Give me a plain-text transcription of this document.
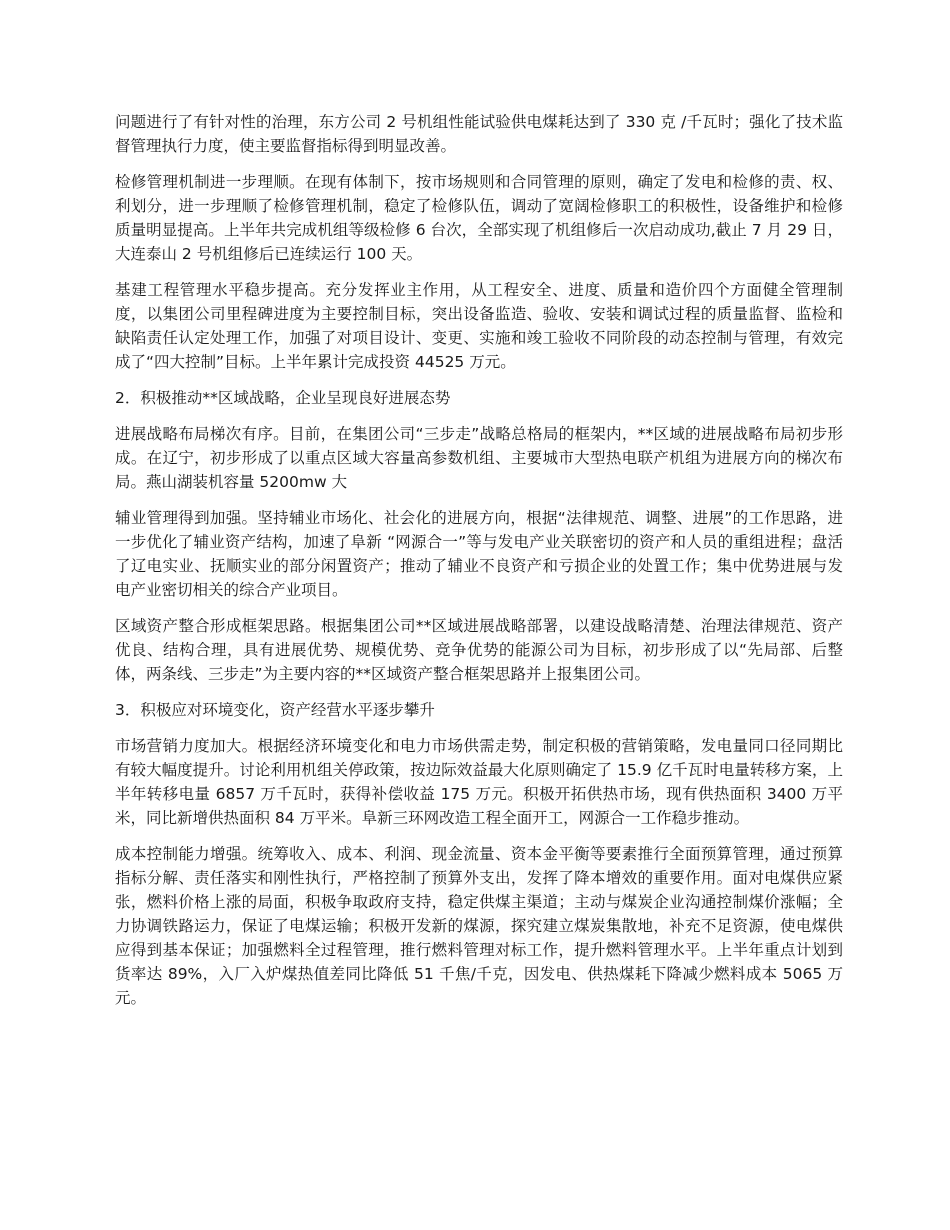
问题进行了有针对性的治理，东方公司 2 号机组性能试验供电煤耗达到了 330 克 /千瓦时；强化了技术监督管理执行力度，使主要监督指标得到明显改善。

检修管理机制进一步理顺。在现有体制下，按市场规则和合同管理的原则，确定了发电和检修的责、权、利划分，进一步理顺了检修管理机制，稳定了检修队伍，调动了宽阔检修职工的积极性，设备维护和检修质量明显提高。上半年共完成机组等级检修 6 台次，全部实现了机组修后一次启动成功,截止 7 月 29 日，大连泰山 2 号机组修后已连续运行 100 天。

基建工程管理水平稳步提高。充分发挥业主作用，从工程安全、进度、质量和造价四个方面健全管理制度，以集团公司里程碑进度为主要控制目标，突出设备监造、验收、安装和调试过程的质量监督、监检和缺陷责任认定处理工作，加强了对项目设计、变更、实施和竣工验收不同阶段的动态控制与管理，有效完成了“四大控制”目标。上半年累计完成投资 44525 万元。

2．积极推动**区域战略，企业呈现良好进展态势

进展战略布局梯次有序。目前，在集团公司“三步走”战略总格局的框架内，**区域的进展战略布局初步形成。在辽宁，初步形成了以重点区域大容量高参数机组、主要城市大型热电联产机组为进展方向的梯次布局。燕山湖装机容量 5200mw 大

辅业管理得到加强。坚持辅业市场化、社会化的进展方向，根据“法律规范、调整、进展”的工作思路，进一步优化了辅业资产结构，加速了阜新 “网源合一”等与发电产业关联密切的资产和人员的重组进程；盘活了辽电实业、抚顺实业的部分闲置资产；推动了辅业不良资产和亏损企业的处置工作；集中优势进展与发电产业密切相关的综合产业项目。

区域资产整合形成框架思路。根据集团公司**区域进展战略部署，以建设战略清楚、治理法律规范、资产优良、结构合理，具有进展优势、规模优势、竞争优势的能源公司为目标，初步形成了以“先局部、后整体，两条线、三步走”为主要内容的**区域资产整合框架思路并上报集团公司。

3．积极应对环境变化，资产经营水平逐步攀升

市场营销力度加大。根据经济环境变化和电力市场供需走势，制定积极的营销策略，发电量同口径同期比有较大幅度提升。讨论利用机组关停政策，按边际效益最大化原则确定了 15.9 亿千瓦时电量转移方案，上半年转移电量 6857 万千瓦时，获得补偿收益 175 万元。积极开拓供热市场，现有供热面积 3400 万平米，同比新增供热面积 84 万平米。阜新三环网改造工程全面开工，网源合一工作稳步推动。

成本控制能力增强。统筹收入、成本、利润、现金流量、资本金平衡等要素推行全面预算管理，通过预算指标分解、责任落实和刚性执行，严格控制了预算外支出，发挥了降本增效的重要作用。面对电煤供应紧张，燃料价格上涨的局面，积极争取政府支持，稳定供煤主渠道；主动与煤炭企业沟通控制煤价涨幅；全力协调铁路运力，保证了电煤运输；积极开发新的煤源，探究建立煤炭集散地，补充不足资源，使电煤供应得到基本保证；加强燃料全过程管理，推行燃料管理对标工作，提升燃料管理水平。上半年重点计划到货率达 89%，入厂入炉煤热值差同比降低 51 千焦/千克，因发电、供热煤耗下降减少燃料成本 5065 万元。
